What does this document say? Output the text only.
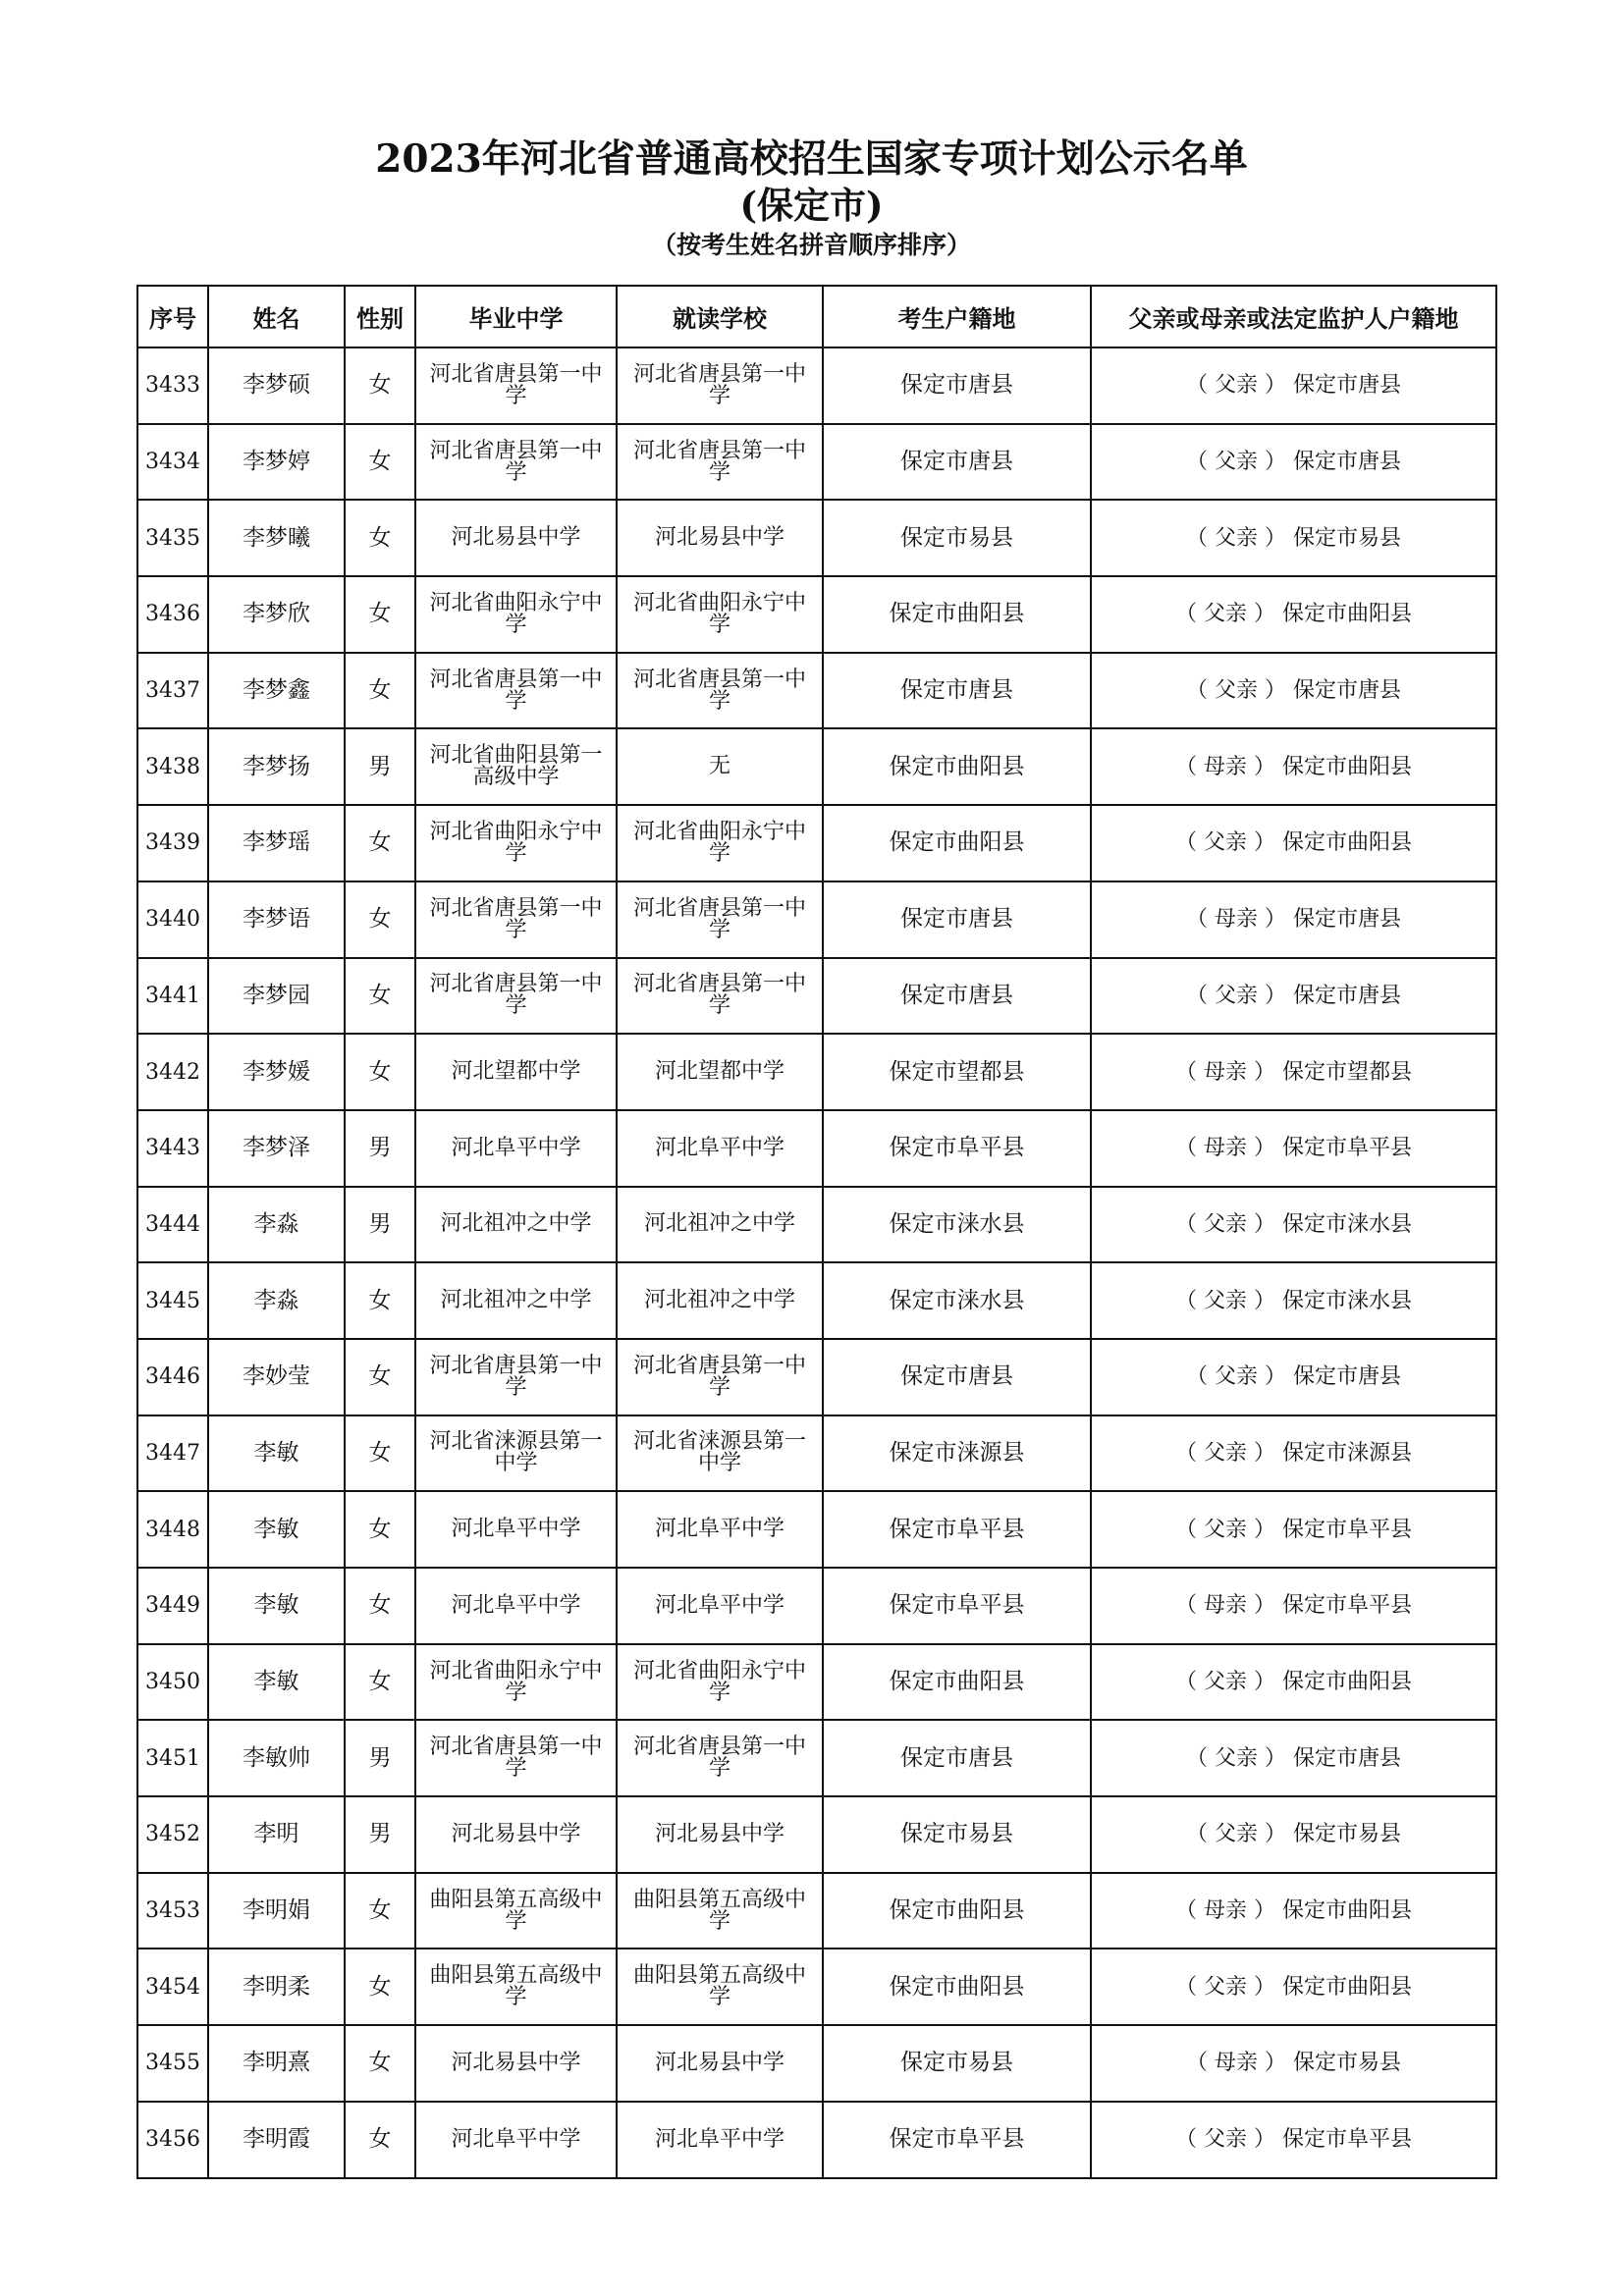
2023年河北省普通高校招生国家专项计划公示名单
(保定市)
（按考生姓名拼音顺序排序）
序号	姓名	性别	毕业中学	就读学校	考生户籍地	父亲或母亲或法定监护人户籍地
3433	李梦硕	女	河北省唐县第一中学	河北省唐县第一中学	保定市唐县	（ 父亲 ） 保定市唐县
3434	李梦婷	女	河北省唐县第一中学	河北省唐县第一中学	保定市唐县	（ 父亲 ） 保定市唐县
3435	李梦曦	女	河北易县中学	河北易县中学	保定市易县	（ 父亲 ） 保定市易县
3436	李梦欣	女	河北省曲阳永宁中学	河北省曲阳永宁中学	保定市曲阳县	（ 父亲 ） 保定市曲阳县
3437	李梦鑫	女	河北省唐县第一中学	河北省唐县第一中学	保定市唐县	（ 父亲 ） 保定市唐县
3438	李梦扬	男	河北省曲阳县第一高级中学	无	保定市曲阳县	（ 母亲 ） 保定市曲阳县
3439	李梦瑶	女	河北省曲阳永宁中学	河北省曲阳永宁中学	保定市曲阳县	（ 父亲 ） 保定市曲阳县
3440	李梦语	女	河北省唐县第一中学	河北省唐县第一中学	保定市唐县	（ 母亲 ） 保定市唐县
3441	李梦园	女	河北省唐县第一中学	河北省唐县第一中学	保定市唐县	（ 父亲 ） 保定市唐县
3442	李梦媛	女	河北望都中学	河北望都中学	保定市望都县	（ 母亲 ） 保定市望都县
3443	李梦泽	男	河北阜平中学	河北阜平中学	保定市阜平县	（ 母亲 ） 保定市阜平县
3444	李淼	男	河北祖冲之中学	河北祖冲之中学	保定市涞水县	（ 父亲 ） 保定市涞水县
3445	李淼	女	河北祖冲之中学	河北祖冲之中学	保定市涞水县	（ 父亲 ） 保定市涞水县
3446	李妙莹	女	河北省唐县第一中学	河北省唐县第一中学	保定市唐县	（ 父亲 ） 保定市唐县
3447	李敏	女	河北省涞源县第一中学	河北省涞源县第一中学	保定市涞源县	（ 父亲 ） 保定市涞源县
3448	李敏	女	河北阜平中学	河北阜平中学	保定市阜平县	（ 父亲 ） 保定市阜平县
3449	李敏	女	河北阜平中学	河北阜平中学	保定市阜平县	（ 母亲 ） 保定市阜平县
3450	李敏	女	河北省曲阳永宁中学	河北省曲阳永宁中学	保定市曲阳县	（ 父亲 ） 保定市曲阳县
3451	李敏帅	男	河北省唐县第一中学	河北省唐县第一中学	保定市唐县	（ 父亲 ） 保定市唐县
3452	李明	男	河北易县中学	河北易县中学	保定市易县	（ 父亲 ） 保定市易县
3453	李明娟	女	曲阳县第五高级中学	曲阳县第五高级中学	保定市曲阳县	（ 母亲 ） 保定市曲阳县
3454	李明柔	女	曲阳县第五高级中学	曲阳县第五高级中学	保定市曲阳县	（ 父亲 ） 保定市曲阳县
3455	李明熹	女	河北易县中学	河北易县中学	保定市易县	（ 母亲 ） 保定市易县
3456	李明霞	女	河北阜平中学	河北阜平中学	保定市阜平县	（ 父亲 ） 保定市阜平县
